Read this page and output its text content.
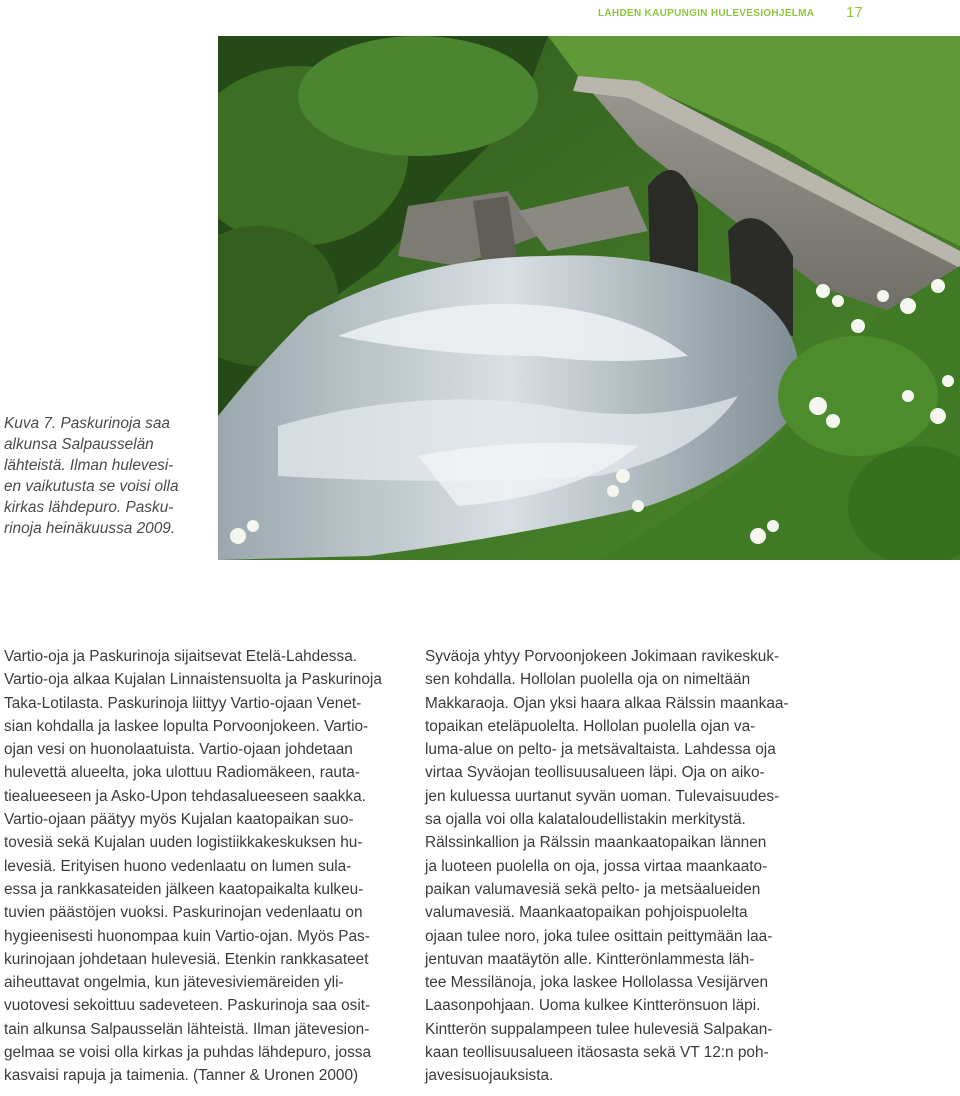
LAHDEN KAUPUNGIN HULEVESIOHJELMA	17

Kuva 7. Paskurinoja saa

alkunsa Salpausselän

lähteistä. Ilman hulevesi-

en vaikutusta se voisi olla

kirkas lähdepuro. Pasku-

rinoja heinäkuussa 2009.

Vartio-oja ja Paskurinoja sijaitsevat Etelä-Lahdessa.

Vartio-oja alkaa Kujalan Linnaistensuolta ja Paskurinoja

Taka-Lotilasta. Paskurinoja liittyy Vartio-ojaan Venet-

sian kohdalla ja laskee lopulta Porvoonjokeen. Vartio-

ojan vesi on huonolaatuista. Vartio-ojaan johdetaan

hulevettä alueelta, joka ulottuu Radiomäkeen, rauta-

tiealueeseen ja Asko-Upon tehdasalueeseen saakka.

Vartio-ojaan päätyy myös Kujalan kaatopaikan suo-

tovesiä sekä Kujalan uuden logistiikkakeskuksen hu-

levesiä. Erityisen huono vedenlaatu on lumen sula-

essa ja rankkasateiden jälkeen kaatopaikalta kulkeu-

tuvien päästöjen vuoksi. Paskurinojan vedenlaatu on

hygieenisesti huonompaa kuin Vartio-ojan. Myös Pas-

kurinojaan johdetaan hulevesiä. Etenkin rankkasateet

aiheuttavat ongelmia, kun jätevesiviemäreiden yli-

vuotovesi sekoittuu sadeveteen. Paskurinoja saa osit-

tain alkunsa Salpausselän lähteistä. Ilman jätevesion-

gelmaa se voisi olla kirkas ja puhdas lähdepuro, jossa

kasvaisi rapuja ja taimenia. (Tanner & Uronen 2000)

Syväoja yhtyy Porvoonjokeen Jokimaan ravikeskuk-

sen kohdalla. Hollolan puolella oja on nimeltään

Makkaraoja. Ojan yksi haara alkaa Rälssin maankaa-

topaikan eteläpuolelta. Hollolan puolella ojan va-

luma-alue on pelto- ja metsävaltaista. Lahdessa oja

virtaa Syväojan teollisuusalueen läpi. Oja on aiko-

jen kuluessa uurtanut syvän uoman. Tulevaisuudes-

sa ojalla voi olla kalataloudellistakin merkitystä.

Rälssinkallion ja Rälssin maankaatopaikan lännen

ja luoteen puolella on oja, jossa virtaa maankaato-

paikan valumavesiä sekä pelto- ja metsäalueiden

valumavesiä. Maankaatopaikan pohjoispuolelta

ojaan tulee noro, joka tulee osittain peittymään laa-

jentuvan maatäytön alle. Kintterönlammesta läh-

tee Messilänoja, joka laskee Hollolassa Vesijärven

Laasonpohjaan. Uoma kulkee Kintterönsuon läpi.

Kintterön suppalampeen tulee hulevesiä Salpakan-

kaan teollisuusalueen itäosasta sekä VT 12:n poh-

javesisuojauksista.
